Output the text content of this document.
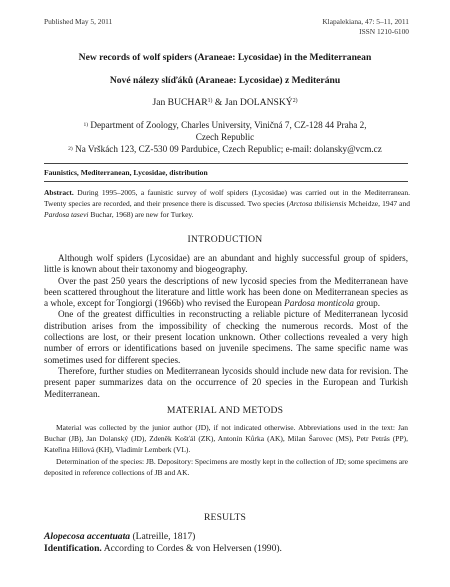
Published May 5, 2011	Klapalekiana, 47: 5–11, 2011
ISSN 1210-6100
New records of wolf spiders (Araneae: Lycosidae) in the Mediterranean
Nové nálezy slíďáků (Araneae: Lycosidae) z Mediteránu
Jan BUCHAR$^{1)}$ & Jan DOLANSKÝ$^{2)}$
$^{1)}$ Department of Zoology, Charles University, Viničná 7, CZ-128 44 Praha 2,
Czech Republic
$^{2)}$ Na Vrškách 123, CZ-530 09 Pardubice, Czech Republic; e-mail: dolansky@vcm.cz
Faunistics, Mediterranean, Lycosidae, distribution
Abstract. During 1995–2005, a faunistic survey of wolf spiders (Lycosidae) was carried out in the Mediterranean. Twenty species are recorded, and their presence there is discussed. Two species (Arctosa tbilisiensis Mcheidze, 1947 and Pardosa tasevi Buchar, 1968) are new for Turkey.
INTRODUCTION

Although wolf spiders (Lycosidae) are an abundant and highly successful group of spiders, little is known about their taxonomy and biogeography.

Over the past 250 years the descriptions of new lycosid species from the Mediterranean have been scattered throughout the literature and little work has been done on Mediterranean species as a whole, except for Tongiorgi (1966b) who revised the European Pardosa monticola group.

One of the greatest difficulties in reconstructing a reliable picture of Mediterranean lycosid distribution arises from the impossibility of checking the numerous records. Most of the collections are lost, or their present location unknown. Other collections revealed a very high number of errors or identifications based on juvenile specimens. The same specific name was sometimes used for different species.

Therefore, further studies on Mediterranean lycosids should include new data for revision. The present paper summarizes data on the occurrence of 20 species in the European and Turkish Mediterranean.

MATERIAL AND METODS

Material was collected by the junior author (JD), if not indicated otherwise. Abbreviations used in the text: Jan Buchar (JB), Jan Dolanský (JD), Zdeněk Košťál (ZK), Antonín Kůrka (AK), Milan Šarovec (MS), Petr Petrás (PP), Kateřina Hillová (KH), Vladimír Lemberk (VL).

Determination of the species: JB. Depository: Specimens are mostly kept in the collection of JD; some specimens are deposited in reference collections of JB and AK.

RESULTS
Alopecosa accentuata (Latreille, 1817)
Identification. According to Cordes & von Helversen (1990).
